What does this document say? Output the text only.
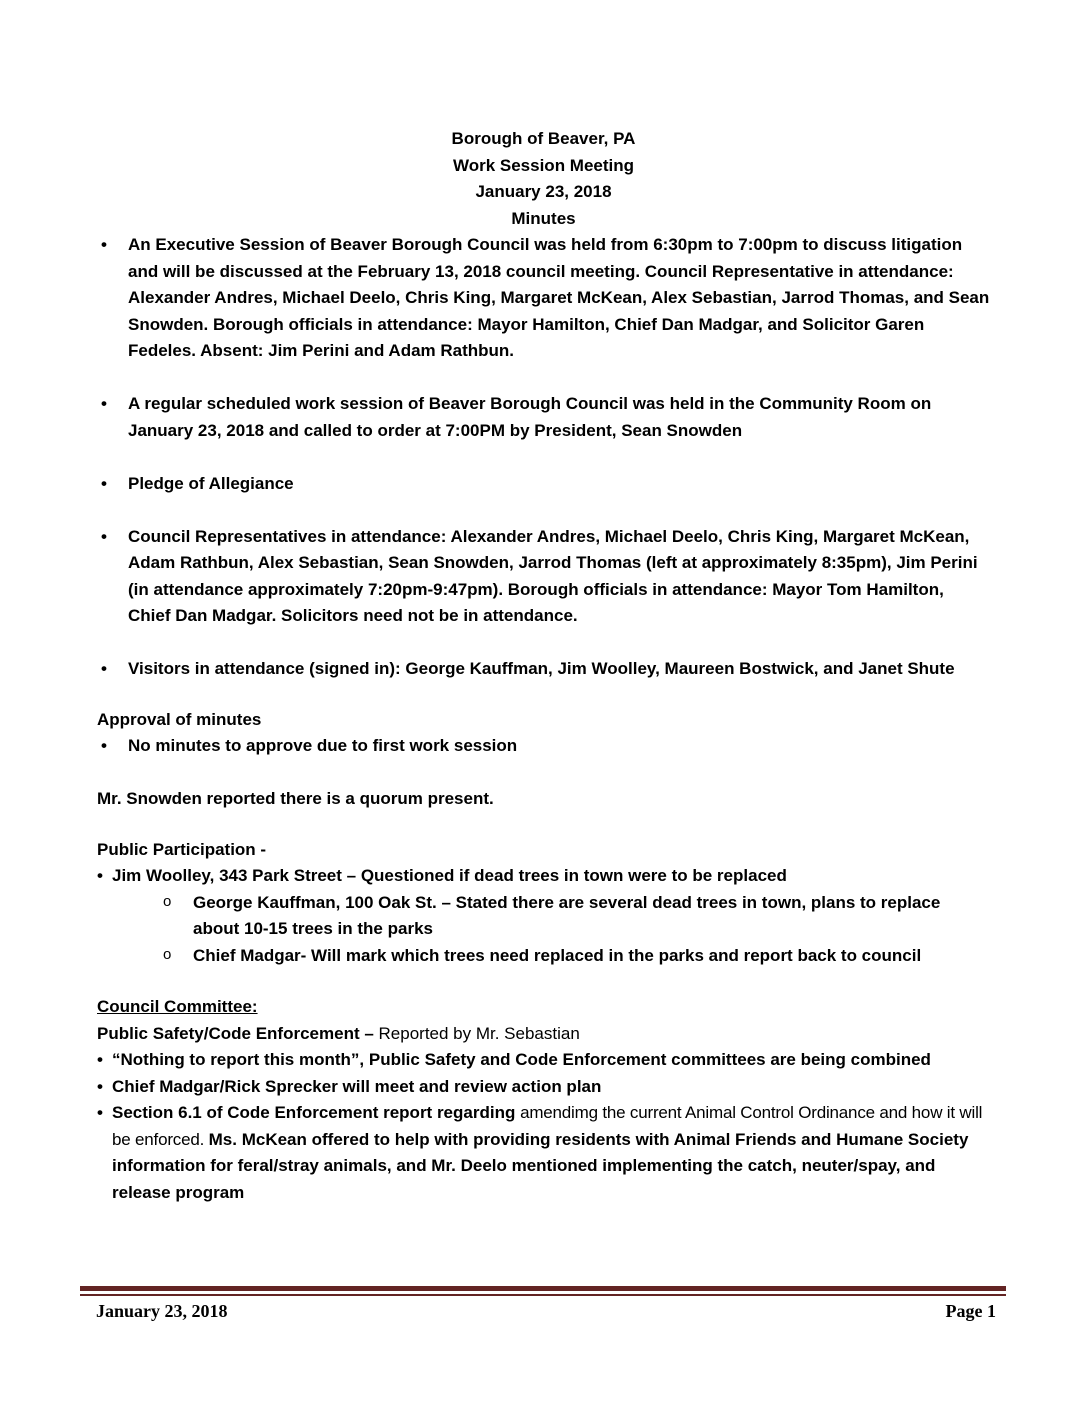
Borough of Beaver, PA
Work Session Meeting
January 23, 2018
Minutes
• An Executive Session of Beaver Borough Council was held from 6:30pm to 7:00pm to discuss litigation and will be discussed at the February 13, 2018 council meeting. Council Representative in attendance: Alexander Andres, Michael Deelo, Chris King, Margaret McKean, Alex Sebastian, Jarrod Thomas, and Sean Snowden. Borough officials in attendance: Mayor Hamilton, Chief Dan Madgar, and Solicitor Garen Fedeles. Absent: Jim Perini and Adam Rathbun.
• A regular scheduled work session of Beaver Borough Council was held in the Community Room on January 23, 2018 and called to order at 7:00PM by President, Sean Snowden
• Pledge of Allegiance
• Council Representatives in attendance: Alexander Andres, Michael Deelo, Chris King, Margaret McKean, Adam Rathbun, Alex Sebastian, Sean Snowden, Jarrod Thomas (left at approximately 8:35pm), Jim Perini (in attendance approximately 7:20pm-9:47pm). Borough officials in attendance: Mayor Tom Hamilton, Chief Dan Madgar. Solicitors need not be in attendance.
• Visitors in attendance (signed in): George Kauffman, Jim Woolley, Maureen Bostwick, and Janet Shute

Approval of minutes

• No minutes to approve due to first work session

Mr. Snowden reported there is a quorum present.

Public Participation -

• Jim Woolley, 343 Park Street – Questioned if dead trees in town were to be replaced
o George Kauffman, 100 Oak St. – Stated there are several dead trees in town, plans to replace about 10-15 trees in the parks
o Chief Madgar- Will mark which trees need replaced in the parks and report back to council

Council Committee:

Public Safety/Code Enforcement – Reported by Mr. Sebastian

• “Nothing to report this month”, Public Safety and Code Enforcement committees are being combined
• Chief Madgar/Rick Sprecker will meet and review action plan
• Section 6.1 of Code Enforcement report regarding amendimg the current Animal Control Ordinance and how it will be enforced. Ms. McKean offered to help with providing residents with Animal Friends and Humane Society information for feral/stray animals, and Mr. Deelo mentioned implementing the catch, neuter/spay, and release program
January 23, 2018	Page 1
